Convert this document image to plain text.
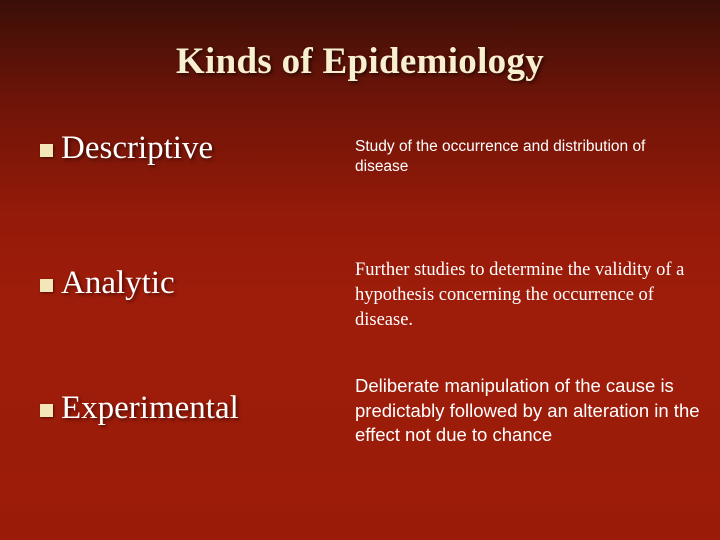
Kinds of Epidemiology
Descriptive	Study of the occurrence and distribution of disease
Analytic	Further studies to determine the validity of a hypothesis concerning the occurrence of disease.
Experimental
Deliberate manipulation of the cause is predictably followed by an alteration in the effect not due to chance
